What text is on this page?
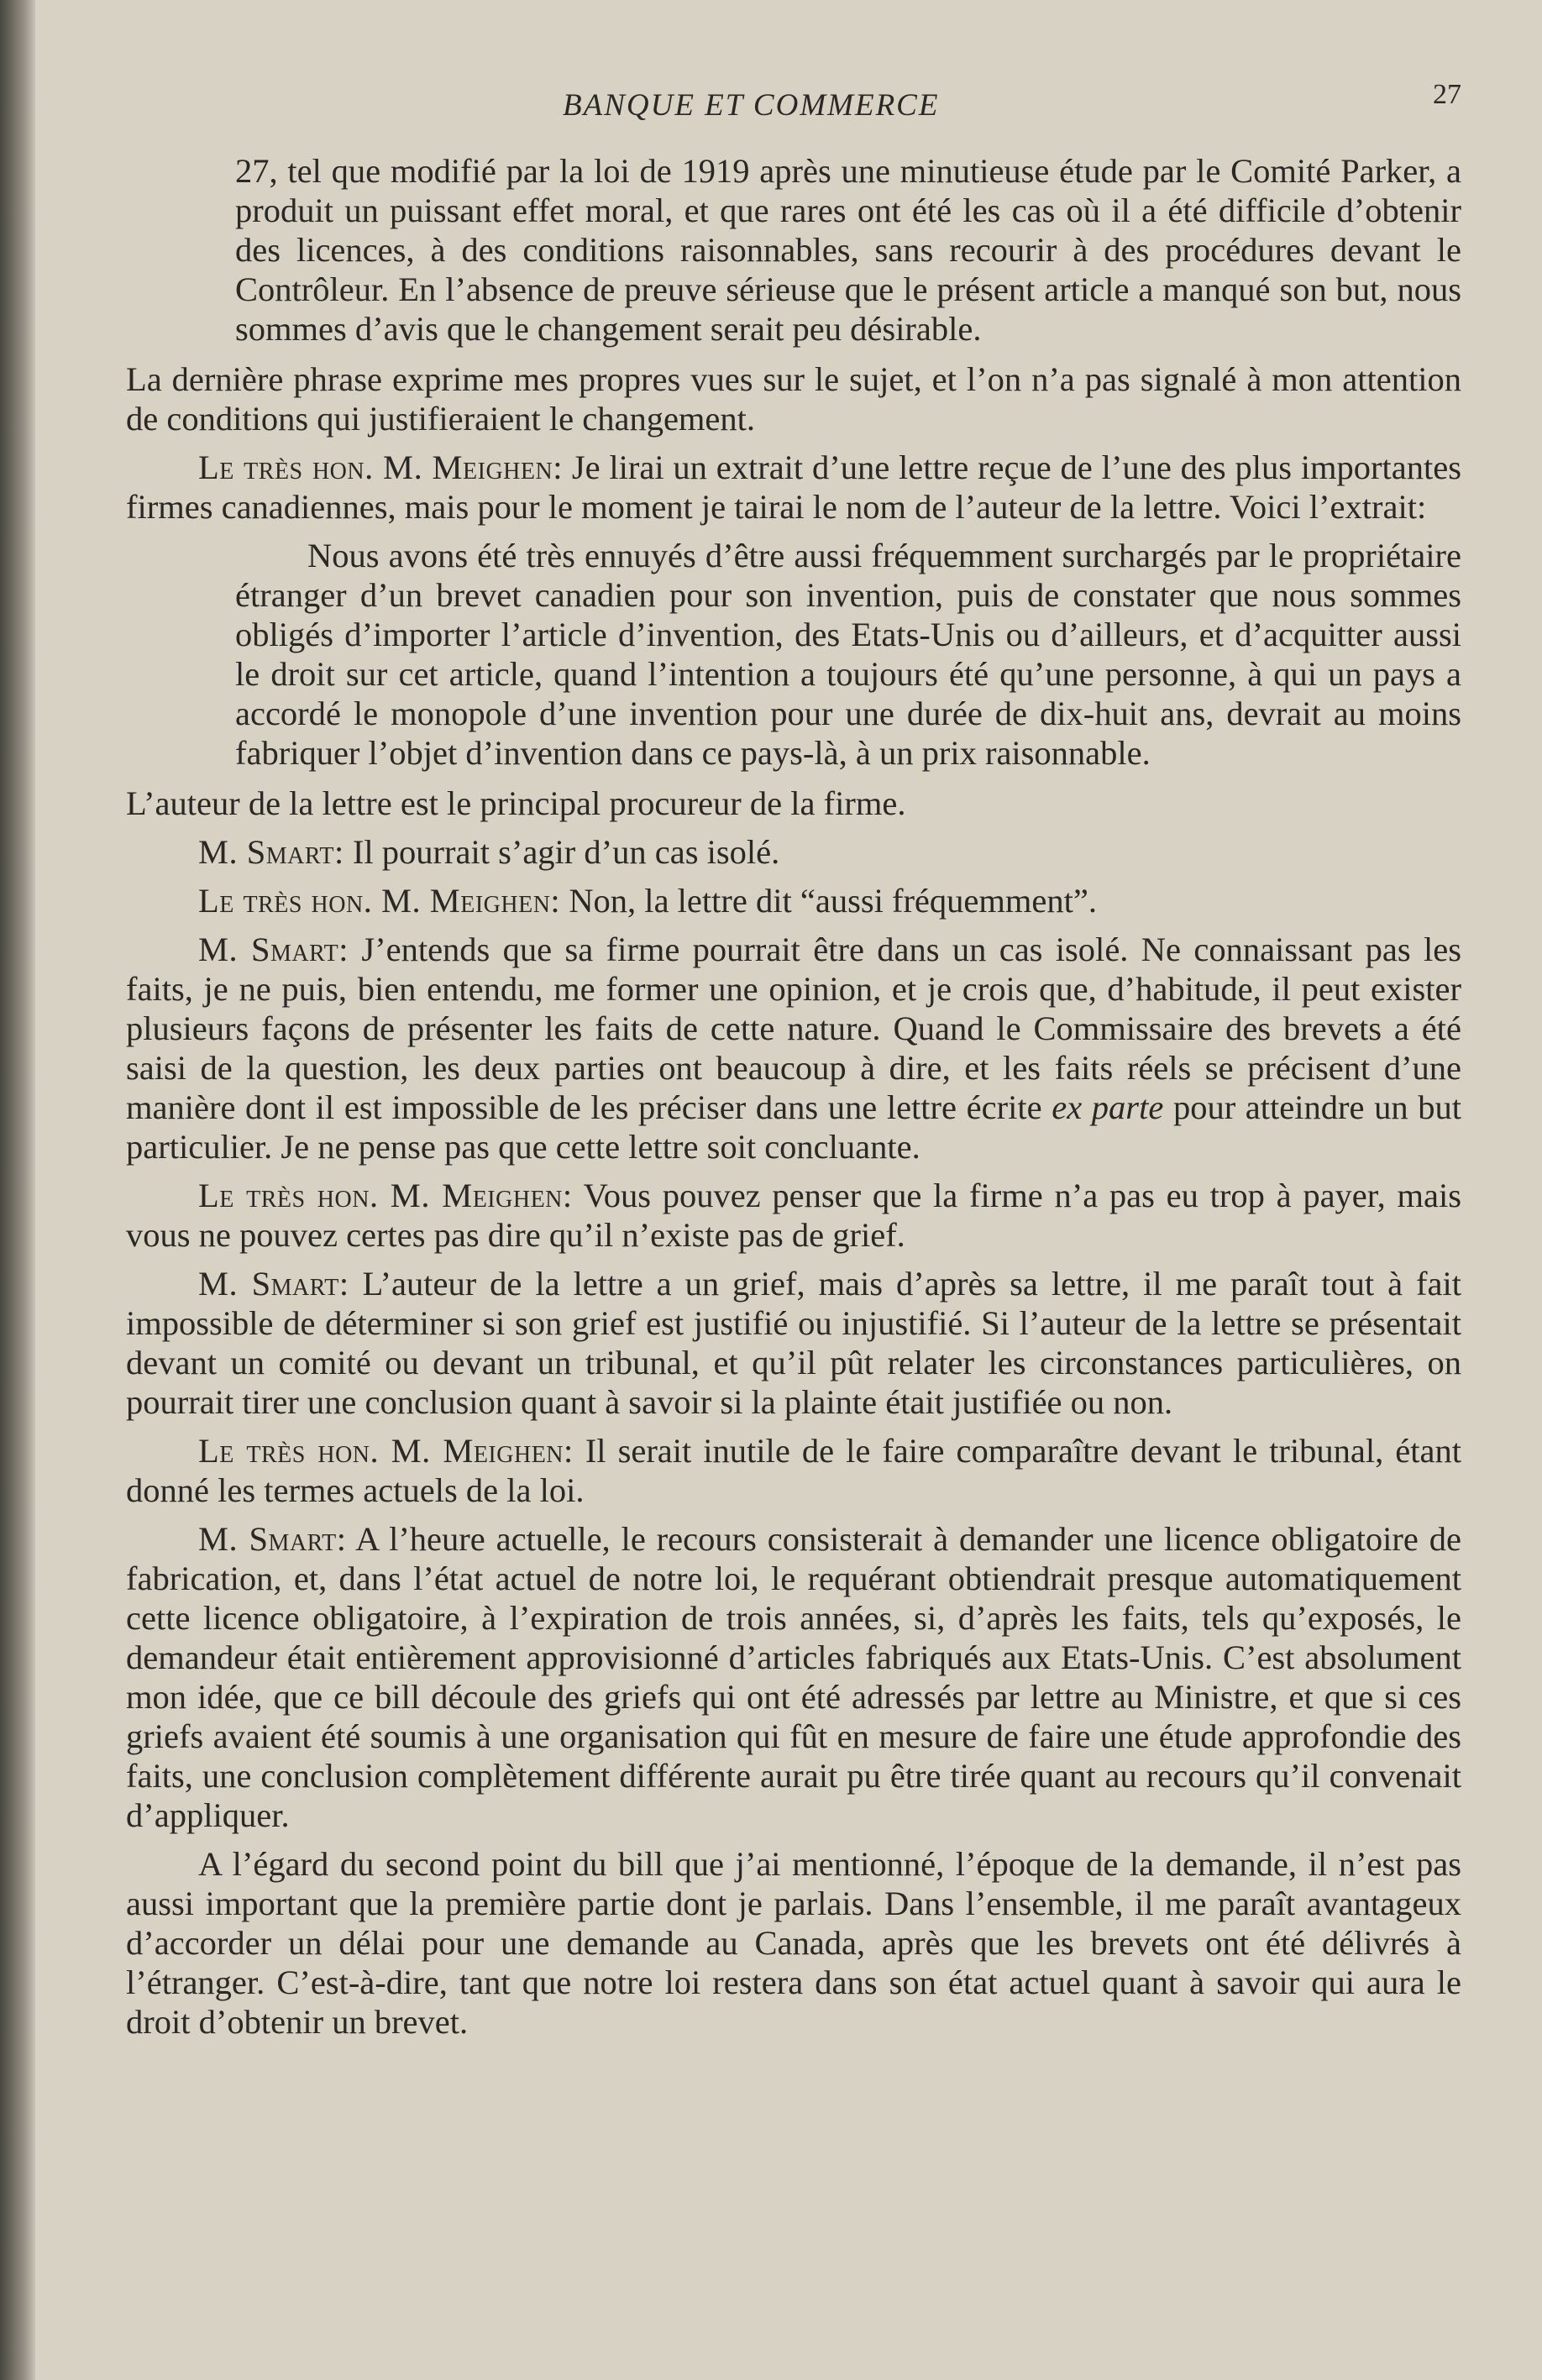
BANQUE ET COMMERCE	27

27, tel que modifié par la loi de 1919 après une minutieuse étude par le Comité Parker, a produit un puissant effet moral, et que rares ont été les cas où il a été difficile d’obtenir des licences, à des conditions raisonnables, sans recourir à des procédures devant le Contrôleur. En l’absence de preuve sérieuse que le présent article a manqué son but, nous sommes d’avis que le changement serait peu désirable.

La dernière phrase exprime mes propres vues sur le sujet, et l’on n’a pas signalé à mon attention de conditions qui justifieraient le changement.

Le très hon. M. Meighen: Je lirai un extrait d’une lettre reçue de l’une des plus importantes firmes canadiennes, mais pour le moment je tairai le nom de l’auteur de la lettre. Voici l’extrait:

Nous avons été très ennuyés d’être aussi fréquemment surchargés par le propriétaire étranger d’un brevet canadien pour son invention, puis de constater que nous sommes obligés d’importer l’article d’invention, des Etats-Unis ou d’ailleurs, et d’acquitter aussi le droit sur cet article, quand l’intention a toujours été qu’une personne, à qui un pays a accordé le monopole d’une invention pour une durée de dix-huit ans, devrait au moins fabriquer l’objet d’invention dans ce pays-là, à un prix raisonnable.

L’auteur de la lettre est le principal procureur de la firme.

M. Smart: Il pourrait s’agir d’un cas isolé.

Le très hon. M. Meighen: Non, la lettre dit “aussi fréquemment”.

M. Smart: J’entends que sa firme pourrait être dans un cas isolé. Ne connaissant pas les faits, je ne puis, bien entendu, me former une opinion, et je crois que, d’habitude, il peut exister plusieurs façons de présenter les faits de cette nature. Quand le Commissaire des brevets a été saisi de la question, les deux parties ont beaucoup à dire, et les faits réels se précisent d’une manière dont il est impossible de les préciser dans une lettre écrite ex parte pour atteindre un but particulier. Je ne pense pas que cette lettre soit concluante.

Le très hon. M. Meighen: Vous pouvez penser que la firme n’a pas eu trop à payer, mais vous ne pouvez certes pas dire qu’il n’existe pas de grief.

M. Smart: L’auteur de la lettre a un grief, mais d’après sa lettre, il me paraît tout à fait impossible de déterminer si son grief est justifié ou injustifié. Si l’auteur de la lettre se présentait devant un comité ou devant un tribunal, et qu’il pût relater les circonstances particulières, on pourrait tirer une conclusion quant à savoir si la plainte était justifiée ou non.

Le très hon. M. Meighen: Il serait inutile de le faire comparaître devant le tribunal, étant donné les termes actuels de la loi.

M. Smart: A l’heure actuelle, le recours consisterait à demander une licence obligatoire de fabrication, et, dans l’état actuel de notre loi, le requérant obtiendrait presque automatiquement cette licence obligatoire, à l’expiration de trois années, si, d’après les faits, tels qu’exposés, le demandeur était entièrement approvisionné d’articles fabriqués aux Etats-Unis. C’est absolument mon idée, que ce bill découle des griefs qui ont été adressés par lettre au Ministre, et que si ces griefs avaient été soumis à une organisation qui fût en mesure de faire une étude approfondie des faits, une conclusion complètement différente aurait pu être tirée quant au recours qu’il convenait d’appliquer.

A l’égard du second point du bill que j’ai mentionné, l’époque de la demande, il n’est pas aussi important que la première partie dont je parlais. Dans l’ensemble, il me paraît avantageux d’accorder un délai pour une demande au Canada, après que les brevets ont été délivrés à l’étranger. C’est-à-dire, tant que notre loi restera dans son état actuel quant à savoir qui aura le droit d’obtenir un brevet.
